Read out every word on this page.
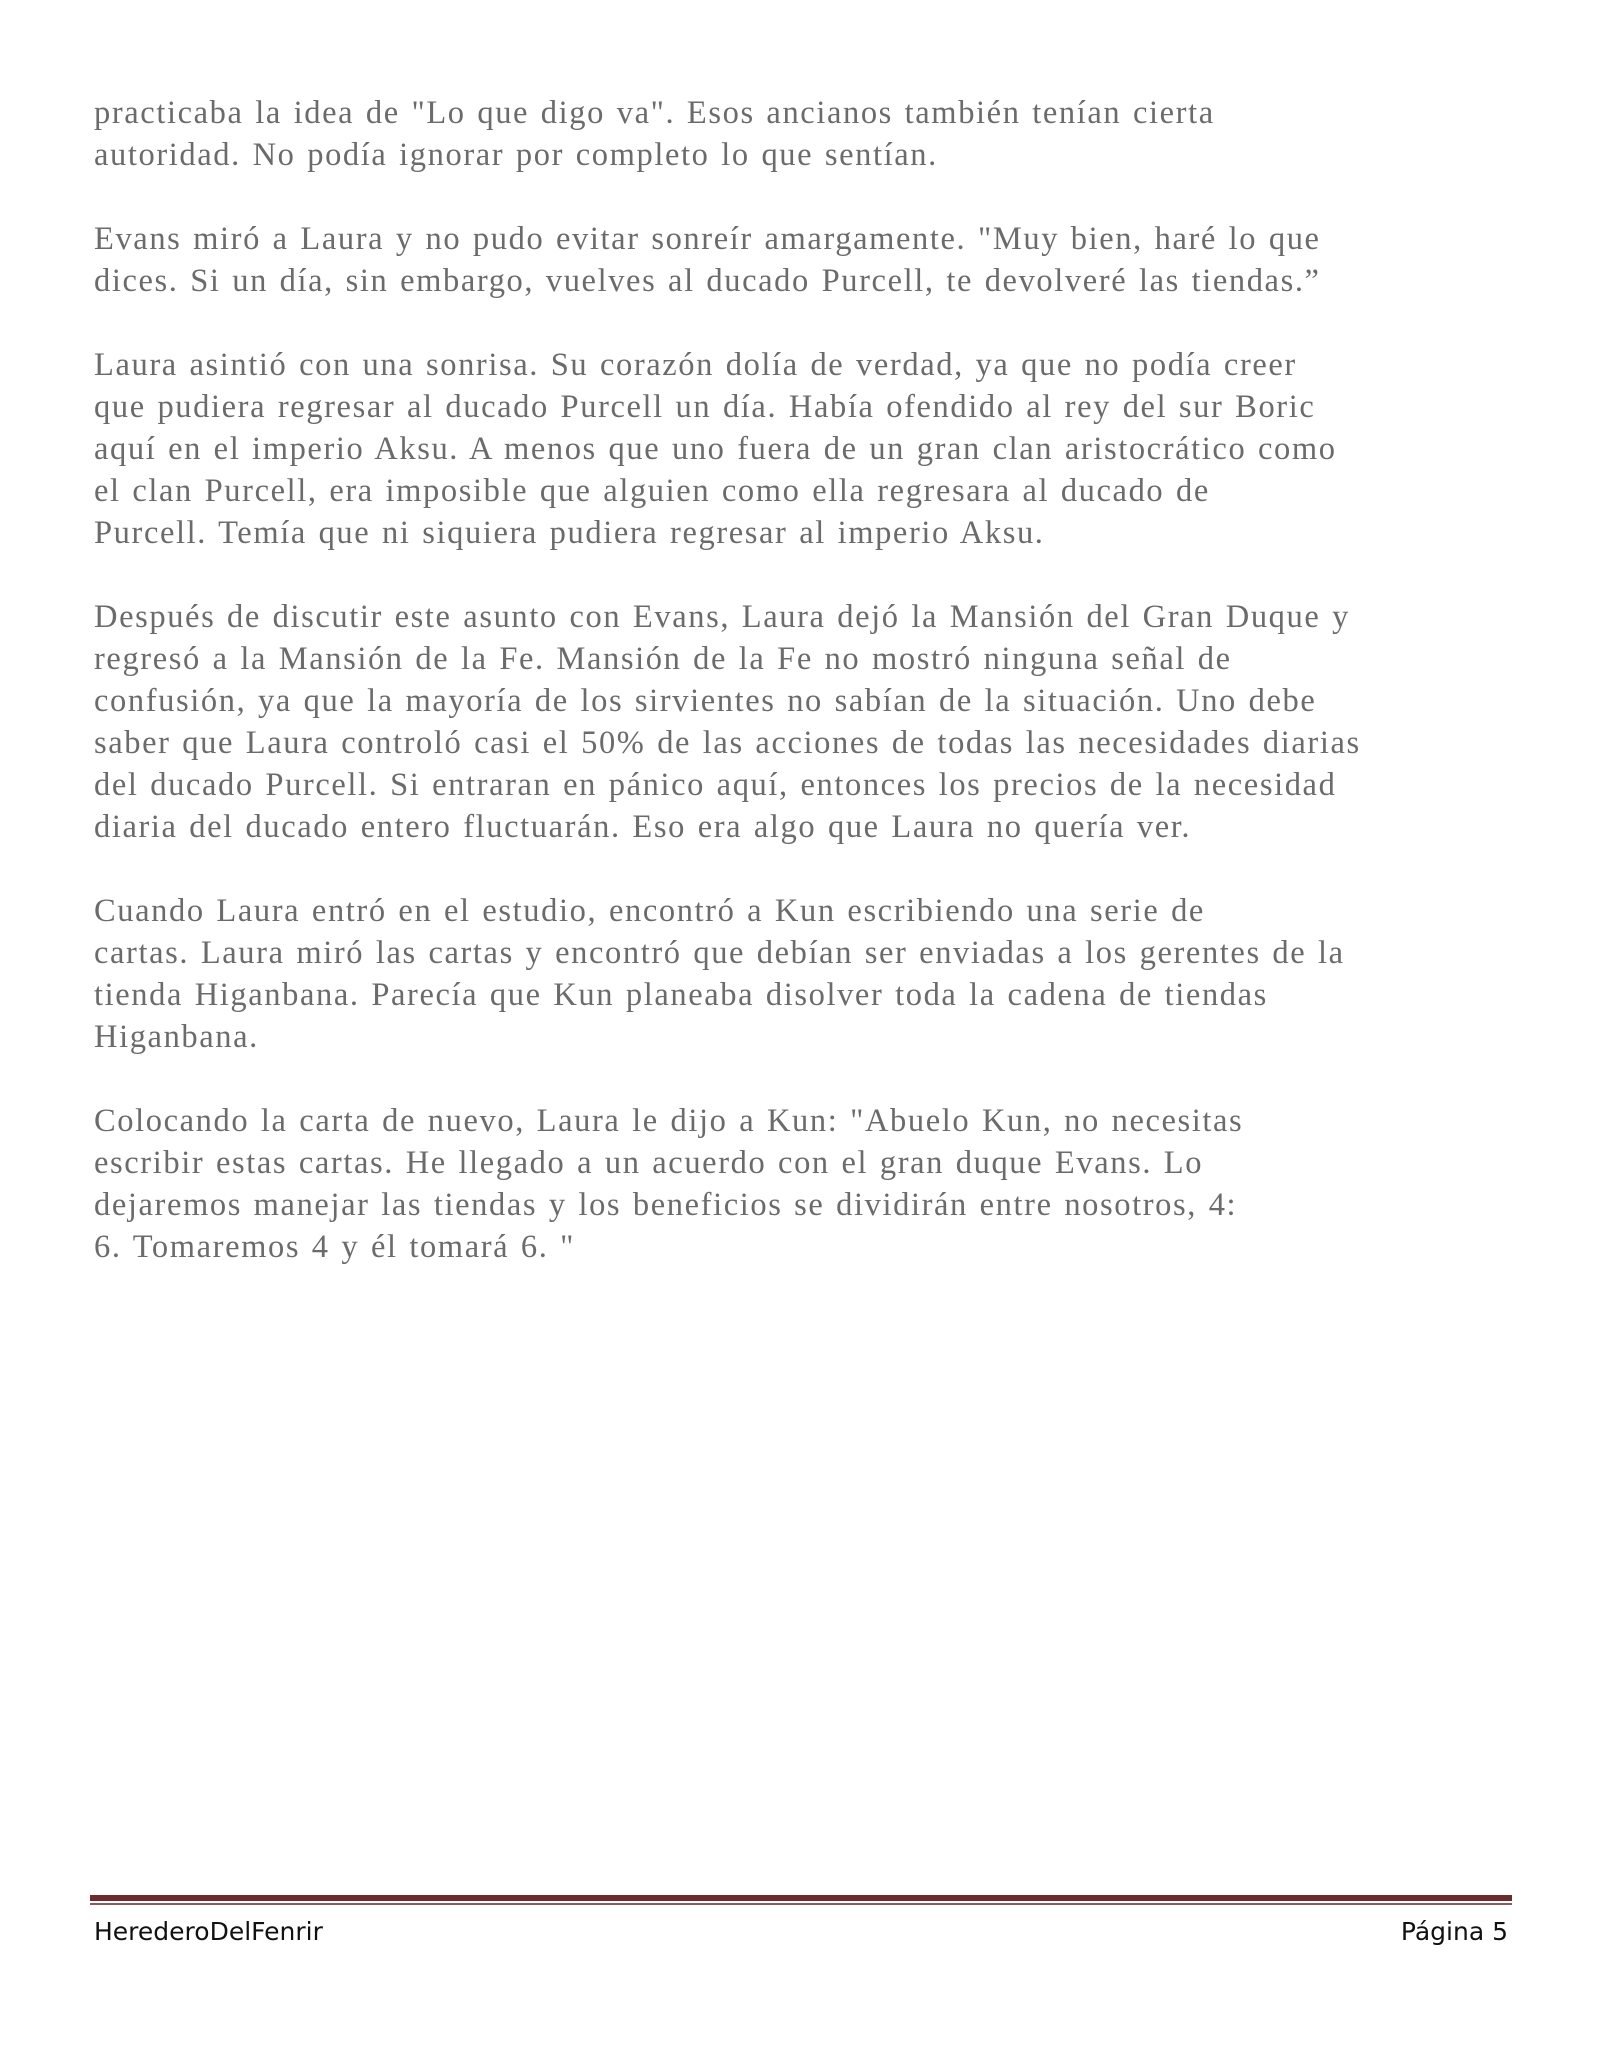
practicaba la idea de "Lo que digo va". Esos ancianos también tenían cierta
autoridad. No podía ignorar por completo lo que sentían.

Evans miró a Laura y no pudo evitar sonreír amargamente. "Muy bien, haré lo que
dices. Si un día, sin embargo, vuelves al ducado Purcell, te devolveré las tiendas.”

Laura asintió con una sonrisa. Su corazón dolía de verdad, ya que no podía creer
que pudiera regresar al ducado Purcell un día. Había ofendido al rey del sur Boric
aquí en el imperio Aksu. A menos que uno fuera de un gran clan aristocrático como
el clan Purcell, era imposible que alguien como ella regresara al ducado de
Purcell. Temía que ni siquiera pudiera regresar al imperio Aksu.

Después de discutir este asunto con Evans, Laura dejó la Mansión del Gran Duque y
regresó a la Mansión de la Fe. Mansión de la Fe no mostró ninguna señal de
confusión, ya que la mayoría de los sirvientes no sabían de la situación. Uno debe
saber que Laura controló casi el 50% de las acciones de todas las necesidades diarias
del ducado Purcell. Si entraran en pánico aquí, entonces los precios de la necesidad
diaria del ducado entero fluctuarán. Eso era algo que Laura no quería ver.

Cuando Laura entró en el estudio, encontró a Kun escribiendo una serie de
cartas. Laura miró las cartas y encontró que debían ser enviadas a los gerentes de la
tienda Higanbana. Parecía que Kun planeaba disolver toda la cadena de tiendas
Higanbana.

Colocando la carta de nuevo, Laura le dijo a Kun: "Abuelo Kun, no necesitas
escribir estas cartas. He llegado a un acuerdo con el gran duque Evans. Lo
dejaremos manejar las tiendas y los beneficios se dividirán entre nosotros, 4:
6. Tomaremos 4 y él tomará 6. "

HerederoDelFenrir	Página 5
